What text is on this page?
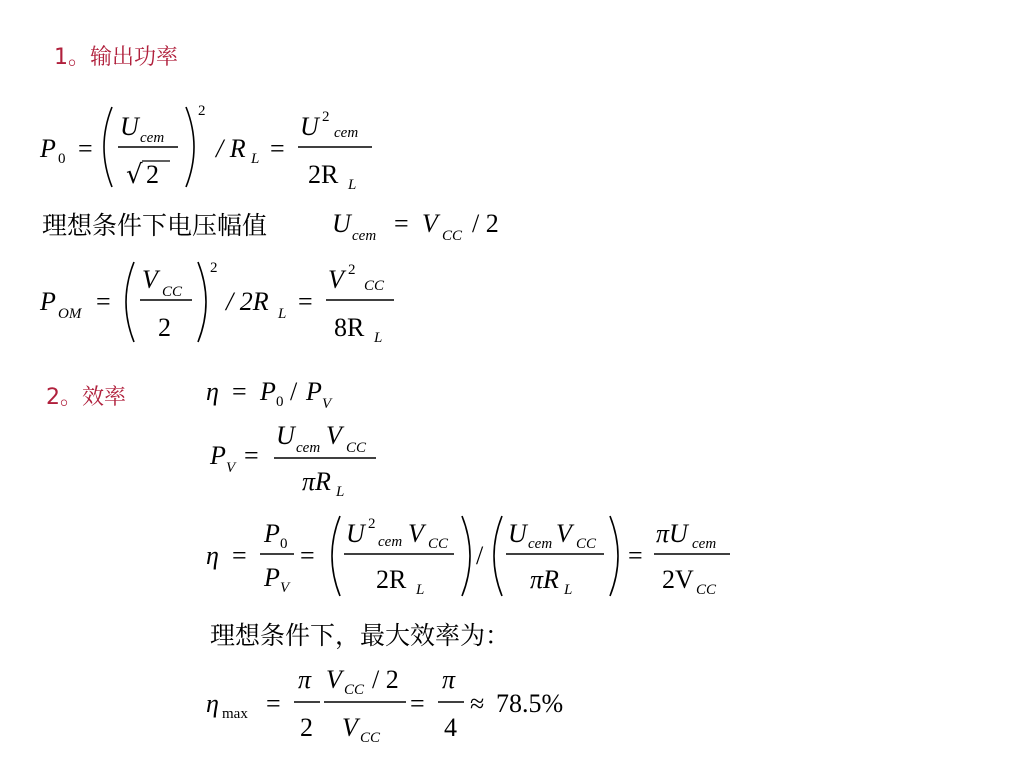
1。输出功率
2。效率
P 0 =
U cem
√ 2
2
/ R L =
U 2
cem
2R L
理想条件下电压幅值 U cem = V CC / 2
P OM =
V CC
2
2
/ 2R L =
V 2
CC
8R L
η = P 0 / P V
P V =
U cem V CC
πR L
η =
P 0
P V
=
U 2
cem V CC
2R L
/
U cem V CC
πR L
=
πU cem
2V CC
理想条件下，最大效率为：
η max =
π
2
V CC / 2
V CC
=
π
4
≈ 78.5%
